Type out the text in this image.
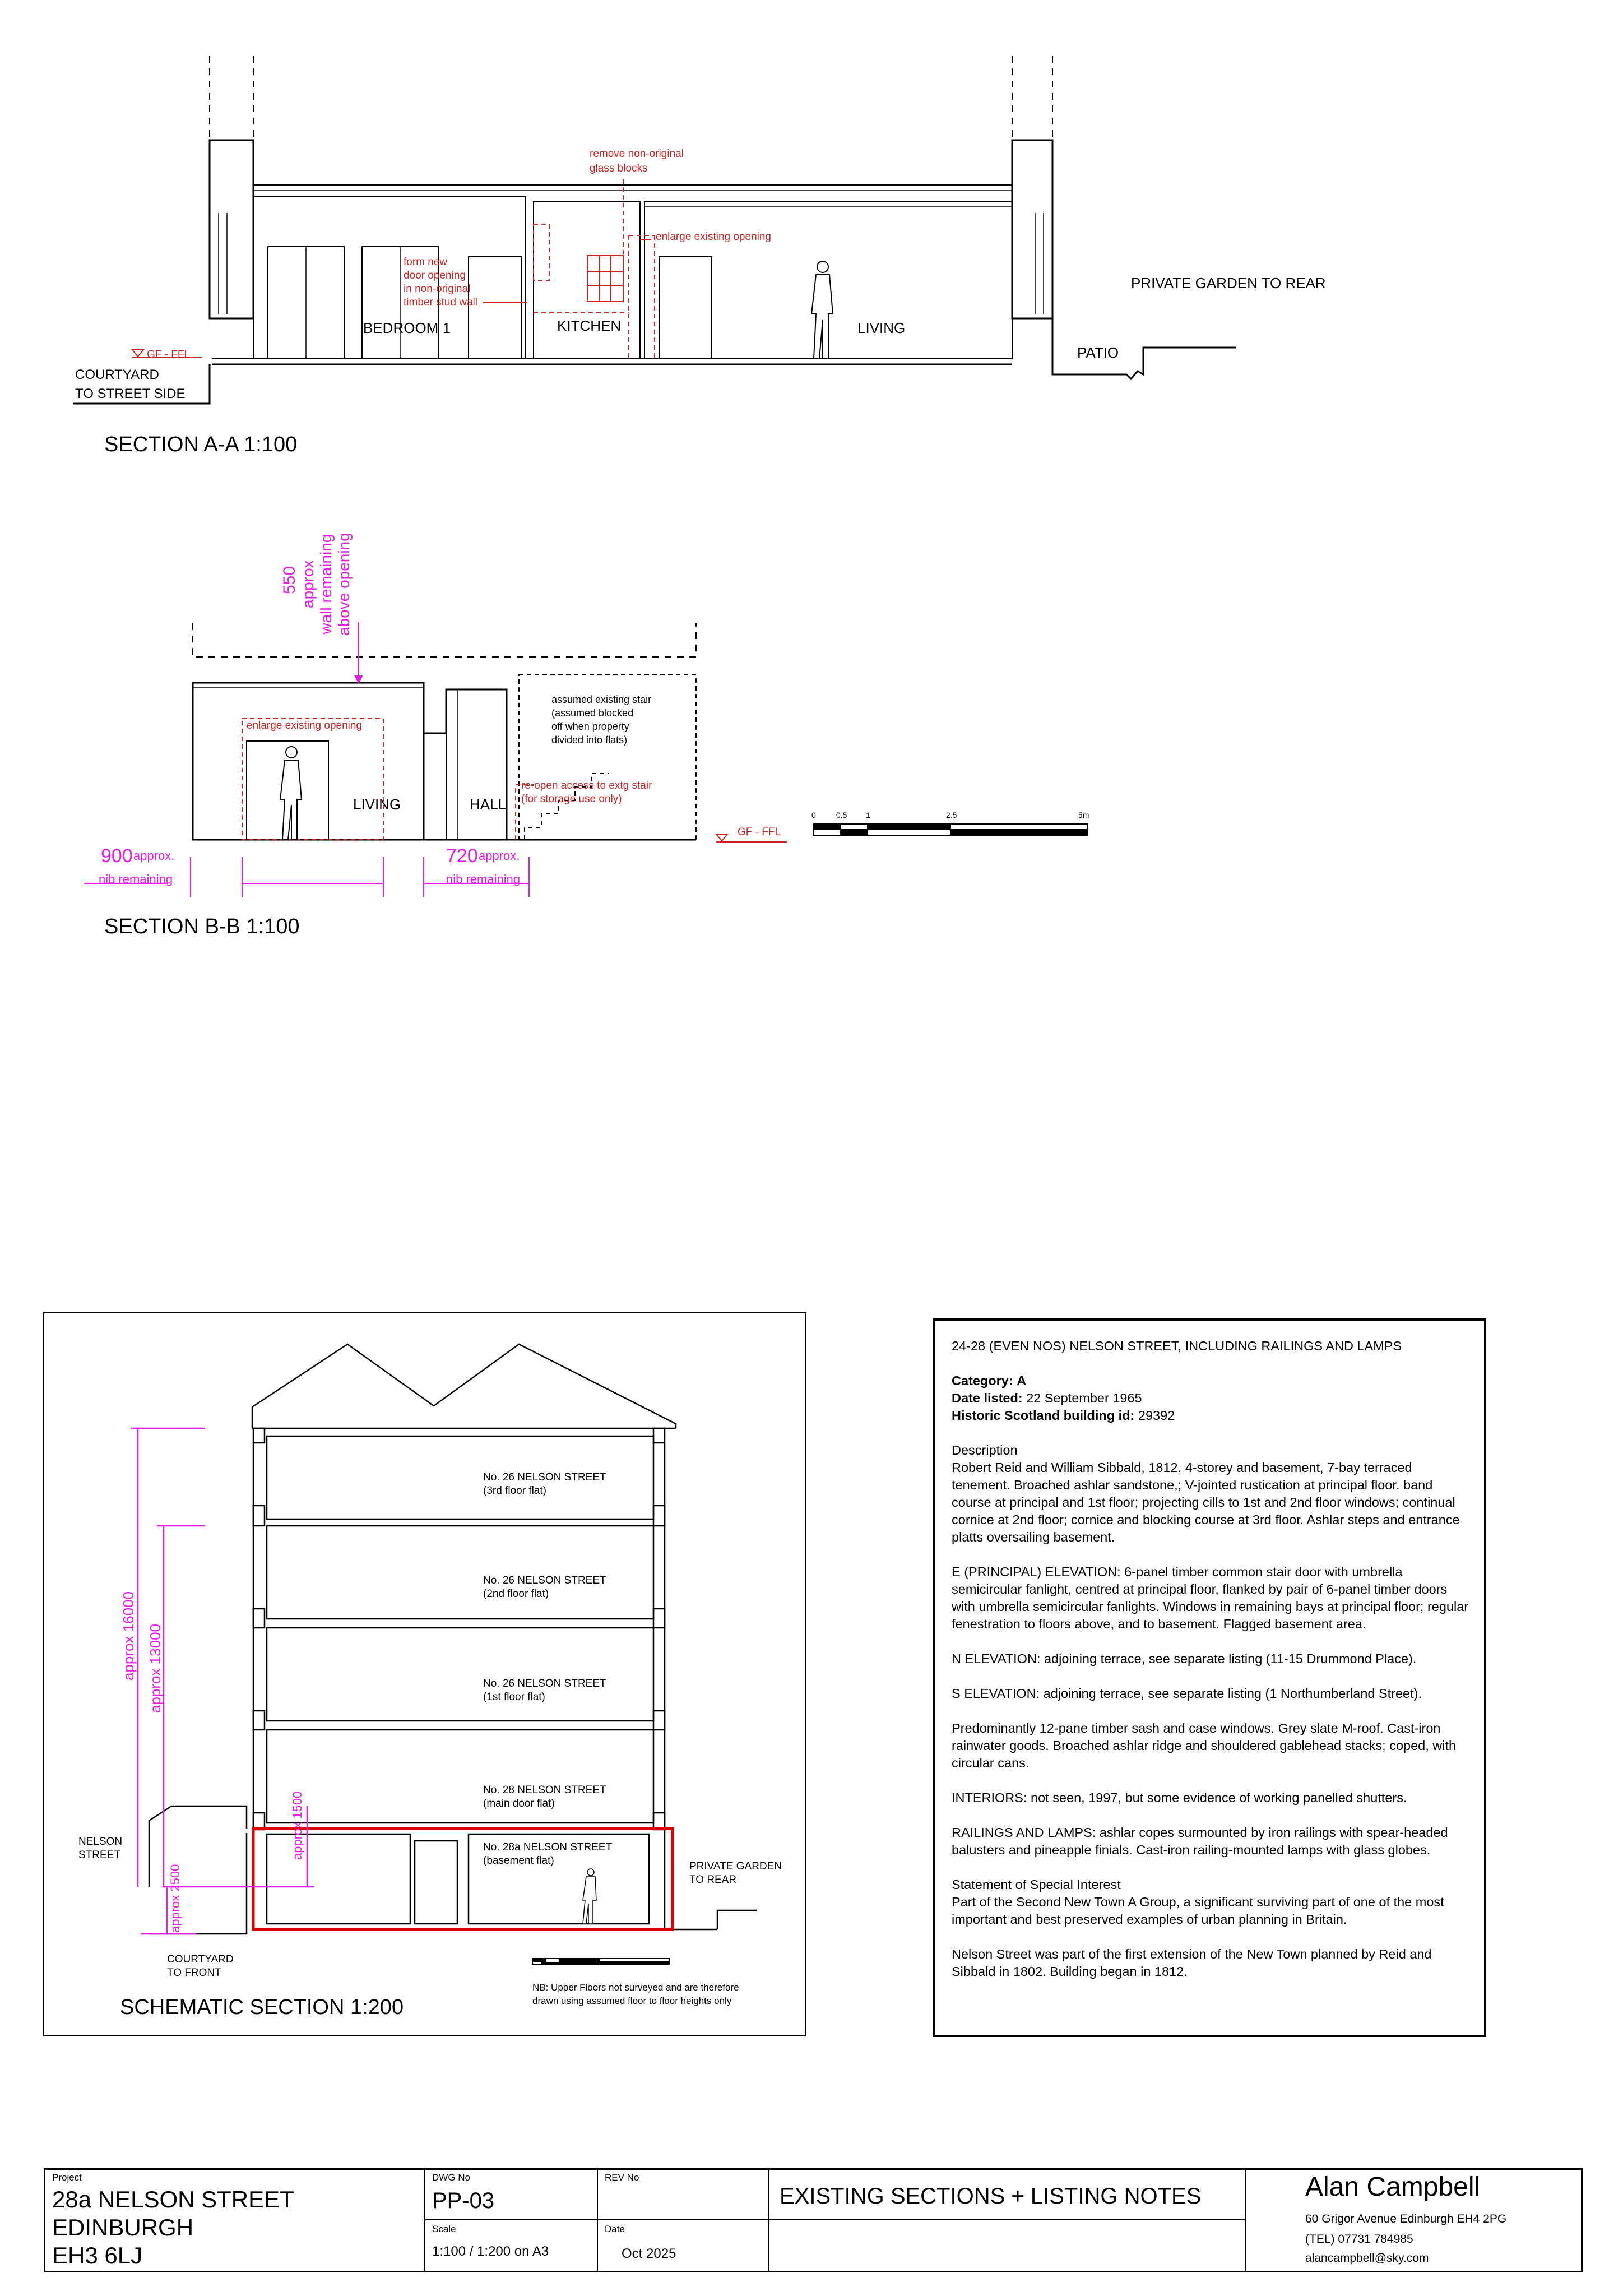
SECTION A-A 1:100
BEDROOM 1	KITCHEN	LIVING
COURTYARD
TO STREET SIDE
PRIVATE GARDEN TO REAR
PATIO
GF - FFL
remove non-original
glass blocks
enlarge existing opening
form new
door opening
in non-original
timber stud wall
SECTION B-B 1:100
LIVING	HALL
enlarge existing opening
re-open access to extg stair
(for storage use only)
assumed existing stair
(assumed blocked
off when property
divided into flats)
GF - FFL
550 approx
wall remaining
above opening
900 approx.
nib remaining
720 approx.
nib remaining
0	0.5 1	2.5	5m
SCHEMATIC SECTION 1:200
No. 26 NELSON STREET
(3rd floor flat)
No. 26 NELSON STREET
(2nd floor flat)
No. 26 NELSON STREET
(1st floor flat)
No. 28 NELSON STREET
(main door flat)
No. 28a NELSON STREET
(basement flat)
NELSON
STREET
PRIVATE GARDEN
TO REAR
COURTYARD
TO FRONT
NB: Upper Floors not surveyed and are therefore
drawn using assumed floor to floor heights only
approx 16000 approx 13000
approx 1500
approx 2500

24-28 (EVEN NOS) NELSON STREET, INCLUDING RAILINGS AND LAMPS

Category: A
Date listed: 22 September 1965
Historic Scotland building id: 29392

Description
Robert Reid and William Sibbald, 1812. 4-storey and basement, 7-bay terraced tenement. Broached ashlar sandstone,; V-jointed rustication at principal floor. band course at principal and 1st floor; projecting cills to 1st and 2nd floor windows; continual cornice at 2nd floor; cornice and blocking course at 3rd floor. Ashlar steps and entrance platts oversailing basement.

E (PRINCIPAL) ELEVATION: 6-panel timber common stair door with umbrella semicircular fanlight, centred at principal floor, flanked by pair of 6-panel timber doors with umbrella semicircular fanlights. Windows in remaining bays at principal floor; regular fenestration to floors above, and to basement. Flagged basement area.

N ELEVATION: adjoining terrace, see separate listing (11-15 Drummond Place).

S ELEVATION: adjoining terrace, see separate listing (1 Northumberland Street).

Predominantly 12-pane timber sash and case windows. Grey slate M-roof. Cast-iron rainwater goods. Broached ashlar ridge and shouldered gablehead stacks; coped, with circular cans.

INTERIORS: not seen, 1997, but some evidence of working panelled shutters.

RAILINGS AND LAMPS: ashlar copes surmounted by iron railings with spear-headed balusters and pineapple finials. Cast-iron railing-mounted lamps with glass globes.

Statement of Special Interest
Part of the Second New Town A Group, a significant surviving part of one of the most important and best preserved examples of urban planning in Britain.

Nelson Street was part of the first extension of the New Town planned by Reid and Sibbald in 1802. Building began in 1812.

Project
28a NELSON STREET
EDINBURGH
EH3 6LJ
DWG No
PP-03
REV No
Scale
1:100 / 1:200 on A3
Date
Oct 2025
EXISTING SECTIONS + LISTING NOTES	Alan Campbell
60 Grigor Avenue Edinburgh EH4 2PG
(TEL) 07731 784985
alancampbell@sky.com
